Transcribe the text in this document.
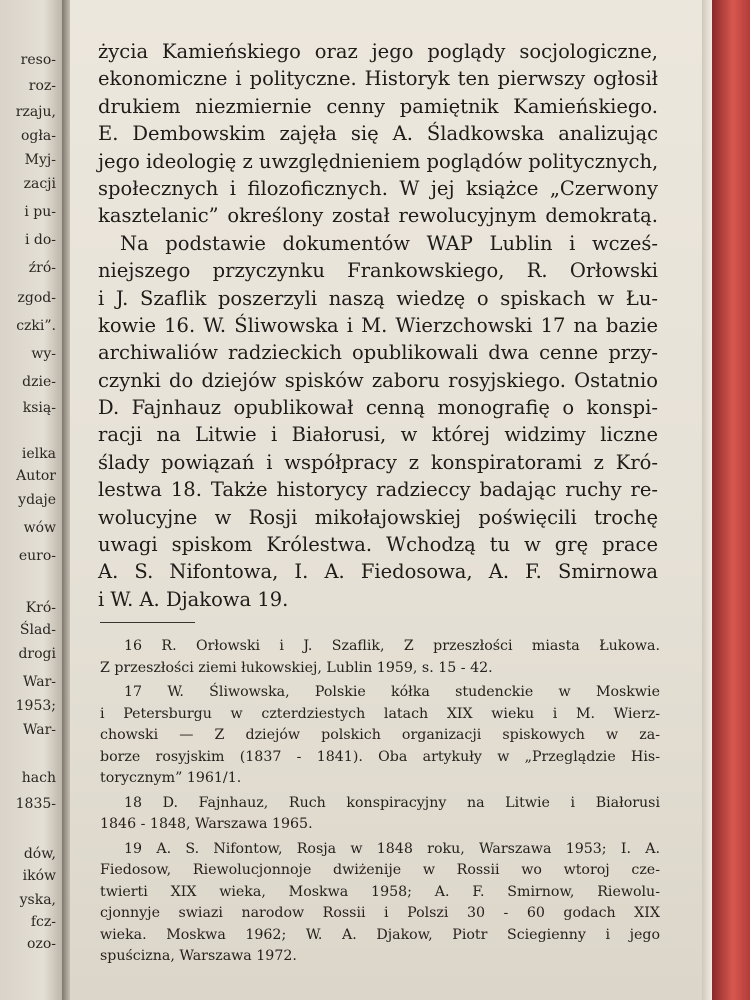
reso-
roz-
rzaju,
ogła-
Myj-
zacji
i pu-
i do-
źró-
zgod-
czki”.
wy-
dzie-
ksią-
ielka
Autor
ydaje
wów
euro-
Kró-
Ślad-
drogi
War-
1953;
War-
hach
1835-
dów,
ików
yska,
fcz-
ozo-
życia Kamieńskiego oraz jego poglądy socjologiczne,
ekonomiczne i polityczne. Historyk ten pierwszy ogłosił
drukiem niezmiernie cenny pamiętnik Kamieńskiego.
E. Dembowskim zajęła się A. Śladkowska analizując
jego ideologię z uwzględnieniem poglądów politycznych,
społecznych i filozoficznych. W jej książce „Czerwony
kasztelanic” określony został rewolucyjnym demokratą.
Na podstawie dokumentów WAP Lublin i wcześ-
niejszego przyczynku Frankowskiego, R. Orłowski
i J. Szaflik poszerzyli naszą wiedzę o spiskach w Łu-
kowie 16. W. Śliwowska i M. Wierzchowski 17 na bazie
archiwaliów radzieckich opublikowali dwa cenne przy-
czynki do dziejów spisków zaboru rosyjskiego. Ostatnio
D. Fajnhauz opublikował cenną monografię o konspi-
racji na Litwie i Białorusi, w której widzimy liczne
ślady powiązań i współpracy z konspiratorami z Kró-
lestwa 18. Także historycy radzieccy badając ruchy re-
wolucyjne w Rosji mikołajowskiej poświęcili trochę
uwagi spiskom Królestwa. Wchodzą tu w grę prace
A. S. Nifontowa, I. A. Fiedosowa, A. F. Smirnowa
i W. A. Djakowa 19.
16 R. Orłowski i J. Szaflik, Z przeszłości miasta Łukowa.
Z przeszłości ziemi łukowskiej, Lublin 1959, s. 15 - 42.
17 W. Śliwowska, Polskie kółka studenckie w Moskwie
i Petersburgu w czterdziestych latach XIX wieku i M. Wierz-
chowski — Z dziejów polskich organizacji spiskowych w za-
borze rosyjskim (1837 - 1841). Oba artykuły w „Przeglądzie His-
torycznym” 1961/1.
18 D. Fajnhauz, Ruch konspiracyjny na Litwie i Białorusi
1846 - 1848, Warszawa 1965.
19 A. S. Nifontow, Rosja w 1848 roku, Warszawa 1953; I. A.
Fiedosow, Riewolucjonnoje dwiżenije w Rossii wo wtoroj cze-
twierti XIX wieka, Moskwa 1958; A. F. Smirnow, Riewolu-
cjonnyje swiazi narodow Rossii i Polszi 30 - 60 godach XIX
wieka. Moskwa 1962; W. A. Djakow, Piotr Sciegienny i jego
spuścizna, Warszawa 1972.
